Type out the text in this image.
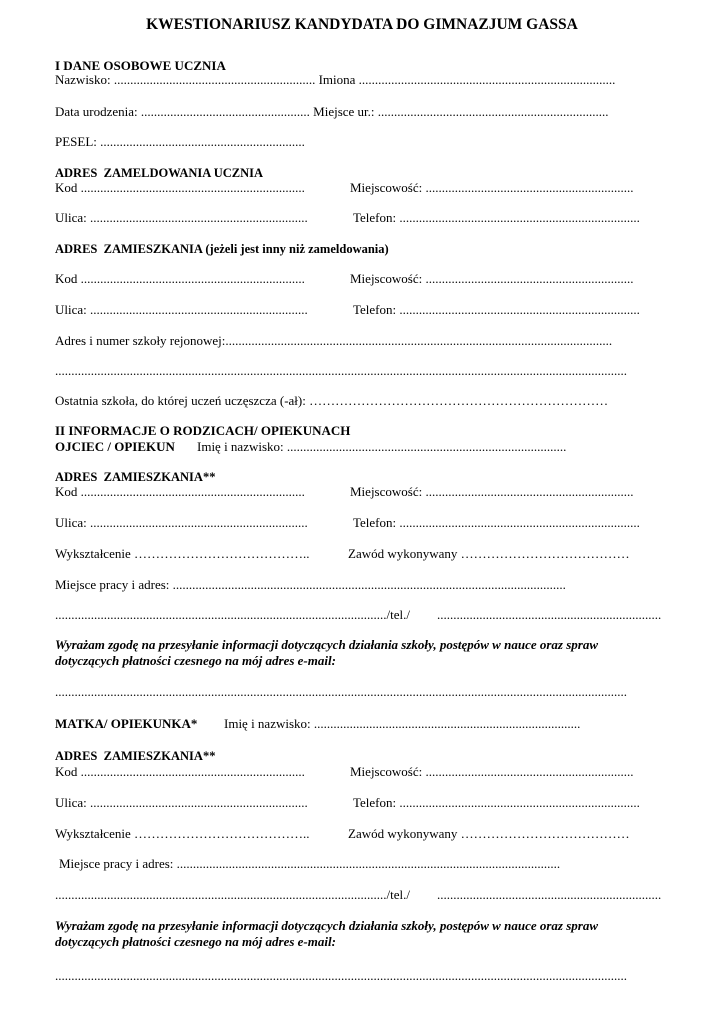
KWESTIONARIUSZ KANDYDATA DO GIMNAZJUM GASSA
I DANE OSOBOWE UCZNIA
Nazwisko: .............................................................. Imiona ...............................................................................
Data urodzenia: .................................................... Miejsce ur.: .......................................................................
PESEL: ...............................................................
ADRES  ZAMELDOWANIA UCZNIA

Kod .....................................................................

	Miejscowość: ................................................................

Ulica: ...................................................................

	Telefon: ..........................................................................

ADRES  ZAMIESZKANIA (jeżeli jest inny niż zameldowania)

Kod .....................................................................

	Miejscowość: ................................................................

Ulica: ...................................................................

	Telefon: ..........................................................................

Adres i numer szkoły rejonowej:.......................................................................................................................
................................................................................................................................................................................
Ostatnia szkoła, do której uczeń uczęszcza (-ał): ……………………………………………………………
II INFORMACJE O RODZICACH/ OPIEKUNACH

OJCIEC / OPIEKUN

Imię i nazwisko: ......................................................................................

ADRES  ZAMIESZKANIA**

Kod .....................................................................

	Miejscowość: ................................................................

Ulica: ...................................................................

	Telefon: ..........................................................................

Wykształcenie …………………………………..

	Zawód wykonywany …………………………………

Miejsce pracy i adres: .........................................................................................................................

....................................................................................................../tel./

.....................................................................

Wyrażam zgodę na przesyłanie informacji dotyczących działania szkoły, postępów w nauce oraz spraw
dotyczących płatności czesnego na mój adres e-mail:
................................................................................................................................................................................

MATKA/ OPIEKUNKA*

Imię i nazwisko: ..................................................................................

ADRES  ZAMIESZKANIA**

Kod .....................................................................

	Miejscowość: ................................................................

Ulica: ...................................................................

	Telefon: ..........................................................................

Wykształcenie …………………………………..

	Zawód wykonywany …………………………………

Miejsce pracy i adres: ......................................................................................................................

....................................................................................................../tel./

.....................................................................

Wyrażam zgodę na przesyłanie informacji dotyczących działania szkoły, postępów w nauce oraz spraw
dotyczących płatności czesnego na mój adres e-mail:
................................................................................................................................................................................
